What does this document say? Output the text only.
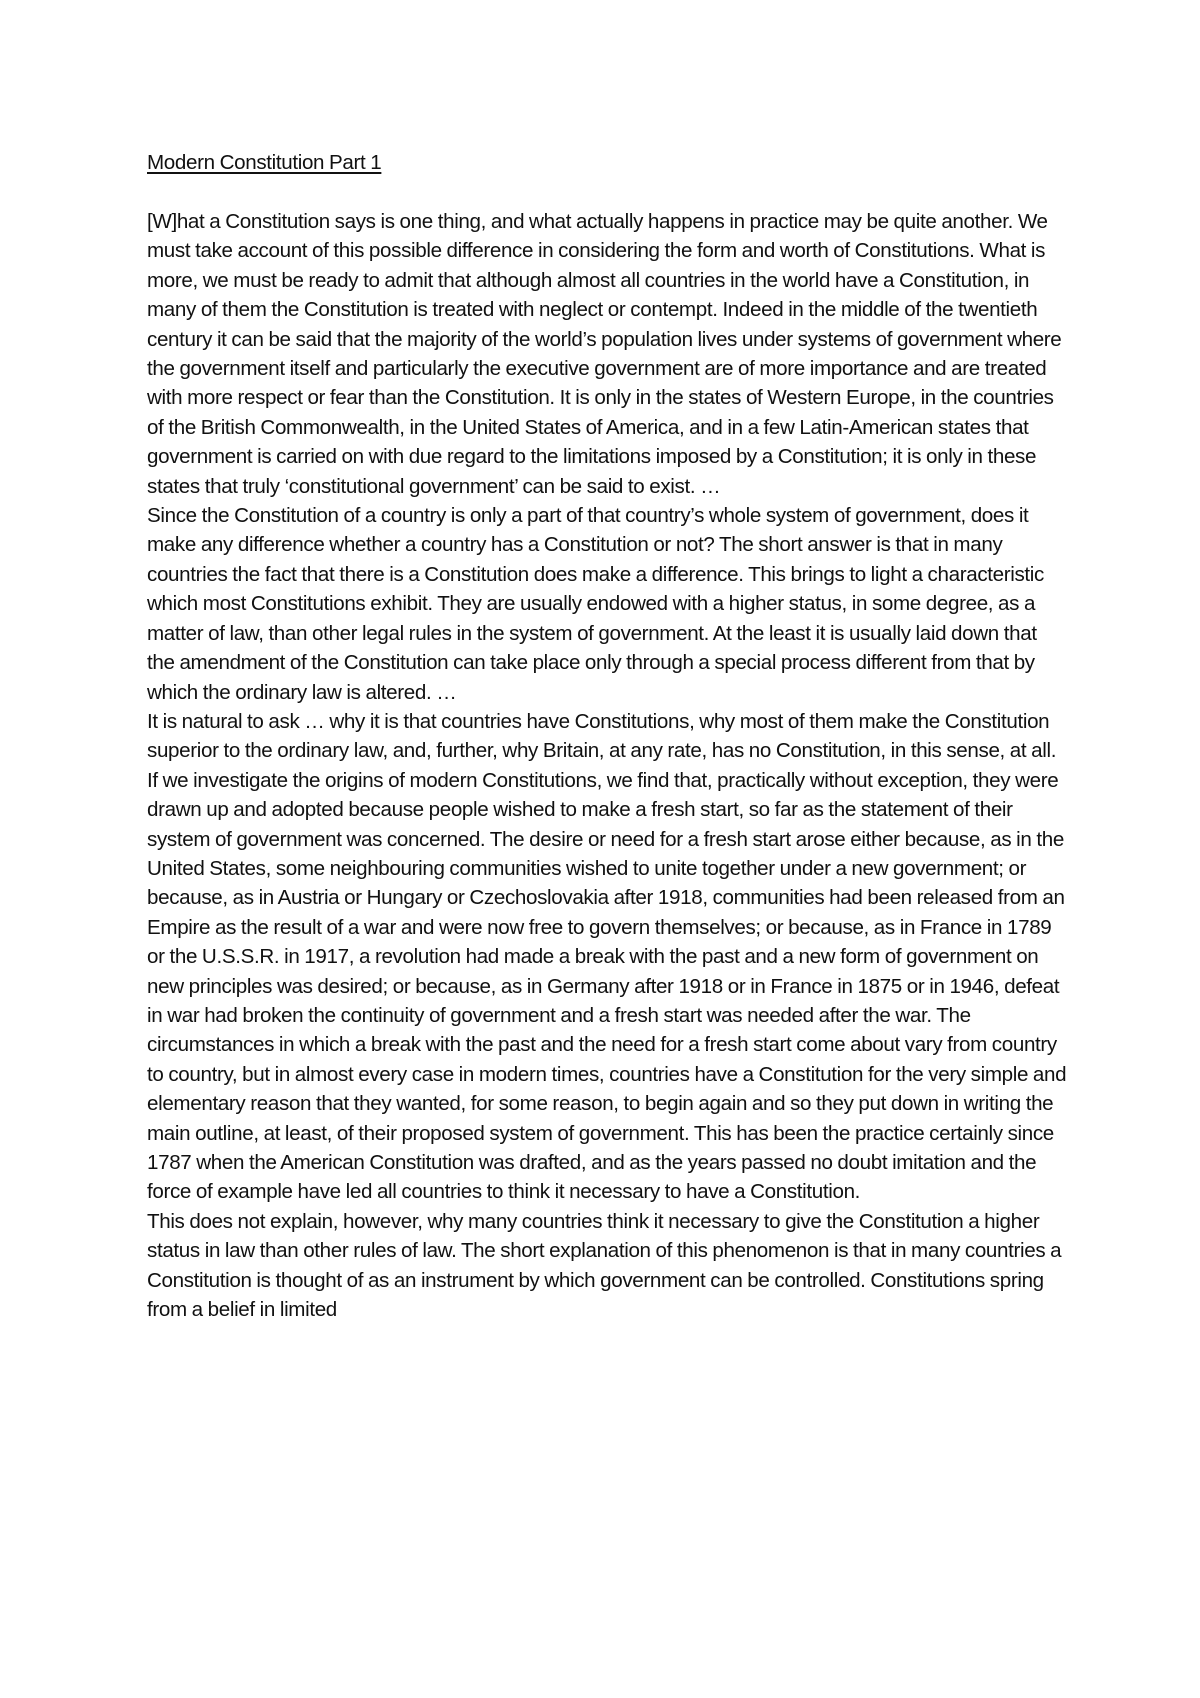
Modern Constitution Part 1

[W]hat a Constitution says is one thing, and what actually happens in practice may be quite another. We must take account of this possible difference in considering the form and worth of Constitutions. What is more, we must be ready to admit that although almost all countries in the world have a Constitution, in many of them the Constitution is treated with neglect or contempt. Indeed in the middle of the twentieth century it can be said that the majority of the world’s population lives under systems of government where the government itself and particularly the executive government are of more importance and are treated with more respect or fear than the Constitution. It is only in the states of Western Europe, in the countries of the British Commonwealth, in the United States of America, and in a few Latin-American states that government is carried on with due regard to the limitations imposed by a Constitution; it is only in these states that truly ‘constitutional government’ can be said to exist. …

Since the Constitution of a country is only a part of that country’s whole system of government, does it make any difference whether a country has a Constitution or not? The short answer is that in many countries the fact that there is a Constitution does make a difference. This brings to light a characteristic which most Constitutions exhibit. They are usually endowed with a higher status, in some degree, as a matter of law, than other legal rules in the system of government. At the least it is usually laid down that the amendment of the Constitution can take place only through a special process different from that by which the ordinary law is altered. …

It is natural to ask … why it is that countries have Constitutions, why most of them make the Constitution superior to the ordinary law, and, further, why Britain, at any rate, has no Constitution, in this sense, at all.

If we investigate the origins of modern Constitutions, we find that, practically without exception, they were drawn up and adopted because people wished to make a fresh start, so far as the statement of their system of government was concerned. The desire or need for a fresh start arose either because, as in the United States, some neighbouring communities wished to unite together under a new government; or because, as in Austria or Hungary or Czechoslovakia after 1918, communities had been released from an Empire as the result of a war and were now free to govern themselves; or because, as in France in 1789 or the U.S.S.R. in 1917, a revolution had made a break with the past and a new form of government on new principles was desired; or because, as in Germany after 1918 or in France in 1875 or in 1946, defeat in war had broken the continuity of government and a fresh start was needed after the war. The circumstances in which a break with the past and the need for a fresh start come about vary from country to country, but in almost every case in modern times, countries have a Constitution for the very simple and elementary reason that they wanted, for some reason, to begin again and so they put down in writing the main outline, at least, of their proposed system of government. This has been the practice certainly since 1787 when the American Constitution was drafted, and as the years passed no doubt imitation and the force of example have led all countries to think it necessary to have a Constitution.

This does not explain, however, why many countries think it necessary to give the Constitution a higher status in law than other rules of law. The short explanation of this phenomenon is that in many countries a Constitution is thought of as an instrument by which government can be controlled. Constitutions spring from a belief in limited
